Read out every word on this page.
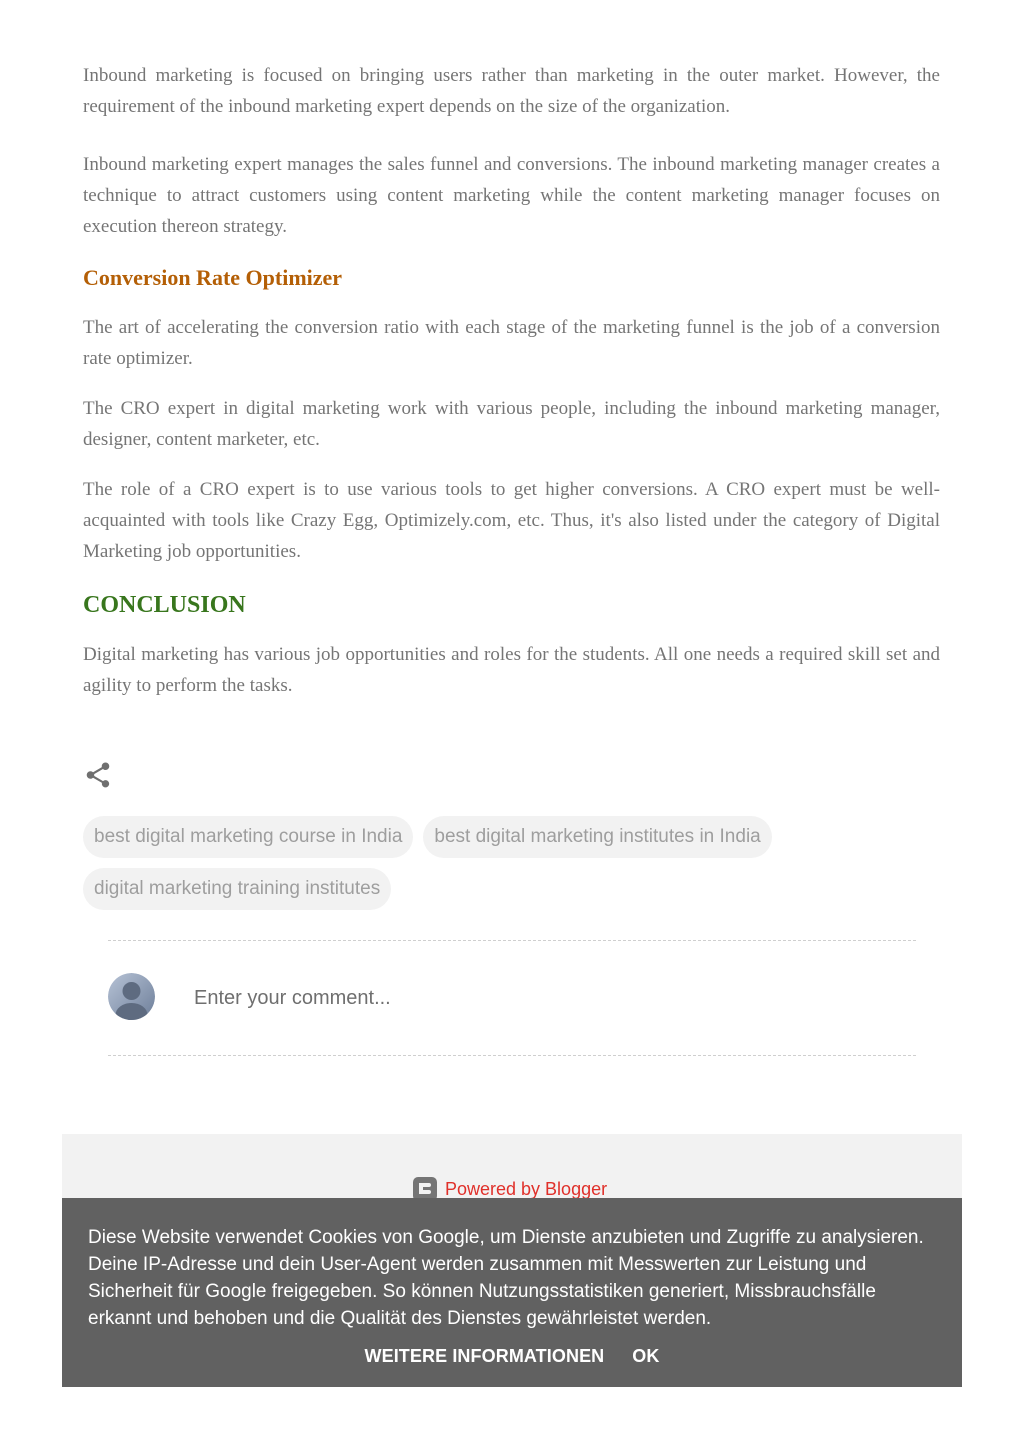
Inbound marketing is focused on bringing users rather than marketing in the outer market. However, the requirement of the inbound marketing expert depends on the size of the organization.

Inbound marketing expert manages the sales funnel and conversions. The inbound marketing manager creates a technique to attract customers using content marketing while the content marketing manager focuses on execution thereon strategy.

Conversion Rate Optimizer

The art of accelerating the conversion ratio with each stage of the marketing funnel is the job of a conversion rate optimizer.

The CRO expert in digital marketing work with various people, including the inbound marketing manager, designer, content marketer, etc.

The role of a CRO expert is to use various tools to get higher conversions. A CRO expert must be well-acquainted with tools like Crazy Egg, Optimizely.com, etc. Thus, it's also listed under the category of Digital Marketing job opportunities.

CONCLUSION

Digital marketing has various job opportunities and roles for the students. All one needs a required skill set and agility to perform the tasks.

best digital marketing course in India best digital marketing institutes in India
digital marketing training institutes
Enter your comment...
Powered by Blogger

Diese Website verwendet Cookies von Google, um Dienste anzubieten und Zugriffe zu analysieren. Deine IP-Adresse und dein User-Agent werden zusammen mit Messwerten zur Leistung und Sicherheit für Google freigegeben. So können Nutzungsstatistiken generiert, Missbrauchsfälle erkannt und behoben und die Qualität des Dienstes gewährleistet werden.

WEITERE INFORMATIONEN OK
